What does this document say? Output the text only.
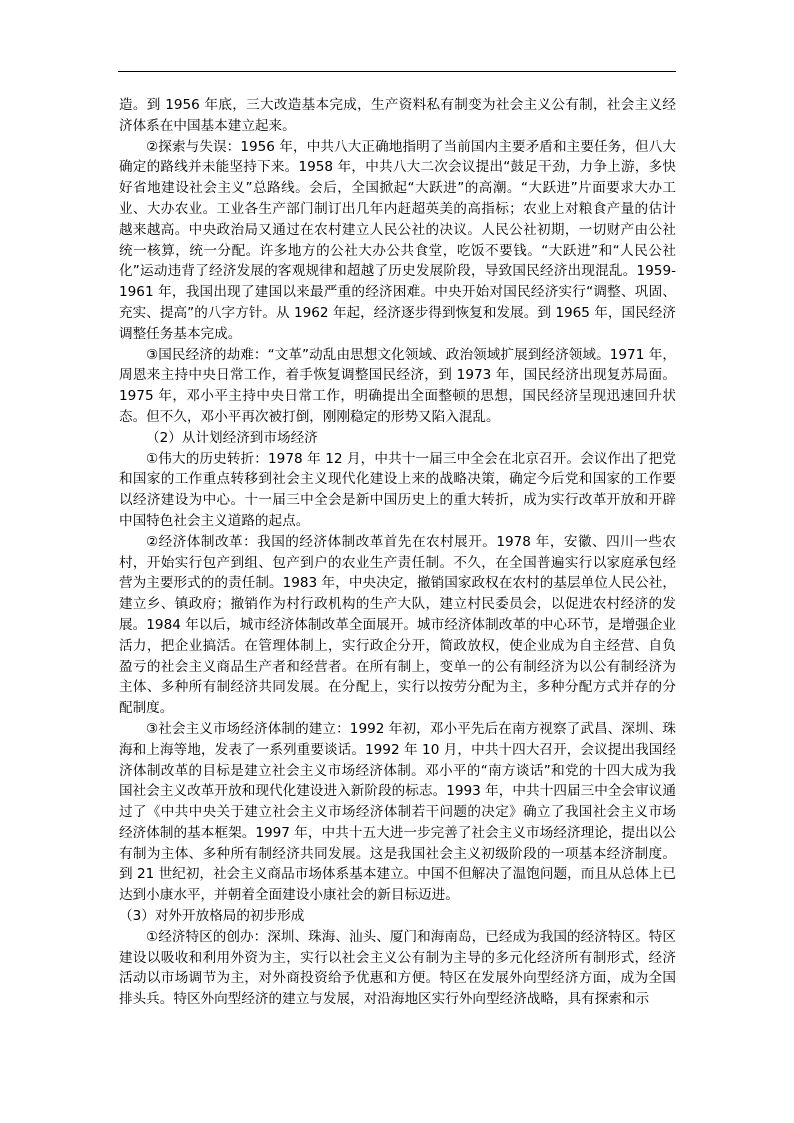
造。到 1956 年底，三大改造基本完成，生产资料私有制变为社会主义公有制，社会主义经济体系在中国基本建立起来。

②探索与失误：1956 年，中共八大正确地指明了当前国内主要矛盾和主要任务，但八大确定的路线并未能坚持下来。1958 年，中共八大二次会议提出“鼓足干劲，力争上游，多快好省地建设社会主义”总路线。会后，全国掀起“大跃进”的高潮。“大跃进”片面要求大办工业、大办农业。工业各生产部门制订出几年内赶超英美的高指标；农业上对粮食产量的估计越来越高。中央政治局又通过在农村建立人民公社的决议。人民公社初期，一切财产由公社统一核算，统一分配。许多地方的公社大办公共食堂，吃饭不要钱。“大跃进”和“人民公社化”运动违背了经济发展的客观规律和超越了历史发展阶段，导致国民经济出现混乱。1959-1961 年，我国出现了建国以来最严重的经济困难。中央开始对国民经济实行“调整、巩固、充实、提高”的八字方针。从 1962 年起，经济逐步得到恢复和发展。到 1965 年，国民经济调整任务基本完成。

③国民经济的劫难：“文革”动乱由思想文化领域、政治领域扩展到经济领域。1971 年，周恩来主持中央日常工作，着手恢复调整国民经济，到 1973 年，国民经济出现复苏局面。1975 年，邓小平主持中央日常工作，明确提出全面整顿的思想，国民经济呈现迅速回升状态。但不久，邓小平再次被打倒，刚刚稳定的形势又陷入混乱。

（2）从计划经济到市场经济

①伟大的历史转折：1978 年 12 月，中共十一届三中全会在北京召开。会议作出了把党和国家的工作重点转移到社会主义现代化建设上来的战略决策，确定今后党和国家的工作要以经济建设为中心。十一届三中全会是新中国历史上的重大转折，成为实行改革开放和开辟中国特色社会主义道路的起点。

②经济体制改革：我国的经济体制改革首先在农村展开。1978 年，安徽、四川一些农村，开始实行包产到组、包产到户的农业生产责任制。不久，在全国普遍实行以家庭承包经营为主要形式的的责任制。1983 年，中央决定，撤销国家政权在农村的基层单位人民公社，建立乡、镇政府；撤销作为村行政机构的生产大队，建立村民委员会，以促进农村经济的发展。1984 年以后，城市经济体制改革全面展开。城市经济体制改革的中心环节，是增强企业活力，把企业搞活。在管理体制上，实行政企分开，简政放权，使企业成为自主经营、自负盈亏的社会主义商品生产者和经营者。在所有制上，变单一的公有制经济为以公有制经济为主体、多种所有制经济共同发展。在分配上，实行以按劳分配为主，多种分配方式并存的分配制度。

③社会主义市场经济体制的建立：1992 年初，邓小平先后在南方视察了武昌、深圳、珠海和上海等地，发表了一系列重要谈话。1992 年 10 月，中共十四大召开，会议提出我国经济体制改革的目标是建立社会主义市场经济体制。邓小平的“南方谈话”和党的十四大成为我国社会主义改革开放和现代化建设进入新阶段的标志。1993 年，中共十四届三中全会审议通过了《中共中央关于建立社会主义市场经济体制若干问题的决定》确立了我国社会主义市场经济体制的基本框架。1997 年，中共十五大进一步完善了社会主义市场经济理论，提出以公有制为主体、多种所有制经济共同发展。这是我国社会主义初级阶段的一项基本经济制度。到 21 世纪初，社会主义商品市场体系基本建立。中国不但解决了温饱问题，而且从总体上已达到小康水平，并朝着全面建设小康社会的新目标迈进。

（3）对外开放格局的初步形成

①经济特区的创办：深圳、珠海、汕头、厦门和海南岛，已经成为我国的经济特区。特区建设以吸收和利用外资为主，实行以社会主义公有制为主导的多元化经济所有制形式，经济活动以市场调节为主，对外商投资给予优惠和方便。特区在发展外向型经济方面，成为全国排头兵。特区外向型经济的建立与发展，对沿海地区实行外向型经济战略，具有探索和示
